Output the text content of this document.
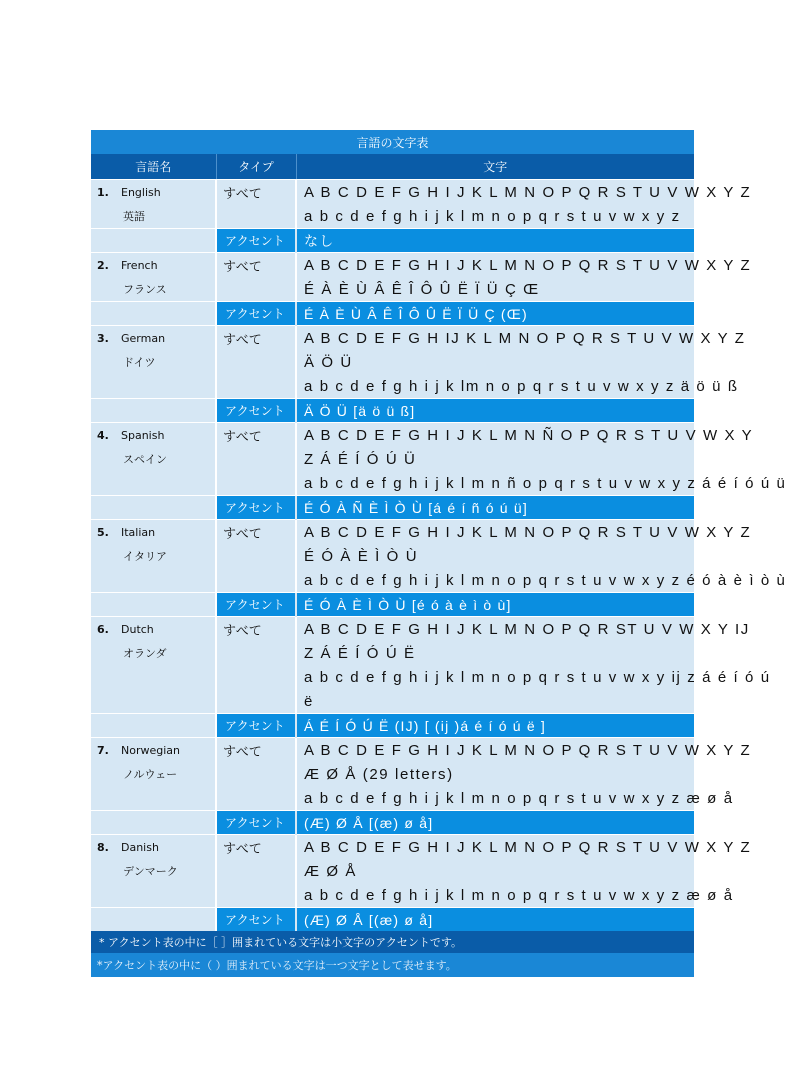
言語の文字表		
言語名	タイプ	文字
1. English	すべて	A B C D E F G H I J K L M N O P Q R S T U V W X Y Z
英語		a b c d e f g h i j k l m n o p q r s t u v w x y z
	アクセント	なし
2. French	すべて	A B C D E F G H I J K L M N O P Q R S T U V W X Y Z
フランス		É À È Ù Â Ê Î Ô Û Ë Ï Ü Ç Œ
	アクセント	É À È Ù Â Ê Î Ô Û Ë Ï Ü Ç (Œ)
3. German	すべて	A B C D E F G H IJ K L M N O P Q R S T U V W X Y Z
ドイツ		Ä Ö Ü
		a b c d e f g h i j k lm n o p q r s t u v w x y z ä ö ü ß
	アクセント	Ä Ö Ü [ä ö ü ß]
4. Spanish	すべて	A B C D E F G H I J K L M N Ñ O P Q R S T U V W X Y
スペイン		Z Á É Í Ó Ú Ü
		a b c d e f g h i j k l m n ñ o p q r s t u v w x y z á é í ó ú ü
	アクセント	É Ó À Ñ È Ì Ò Ù [á é í ñ ó ú ü]
5. Italian	すべて	A B C D E F G H I J K L M N O P Q R S T U V W X Y Z
イタリア		É Ó À È Ì Ò Ù
		a b c d e f g h i j k l m n o p q r s t u v w x y z é ó à è ì ò ù
	アクセント	É Ó À È Ì Ò Ù [é ó à è ì ò ù]
6. Dutch	すべて	A B C D E F G H I J K L M N O P Q R ST U V W X Y IJ
オランダ		Z Á É Í Ó Ú Ë
		a b c d e f g h i j k l m n o p q r s t u v w x y ij z á é í ó ú
		ë
	アクセント	Á É Í Ó Ú Ë (IJ) [ (ij )á é í ó ú ë ]
7. Norwegian	すべて	A B C D E F G H I J K L M N O P Q R S T U V W X Y Z
ノルウェー		Æ Ø Å (29 letters)
		a b c d e f g h i j k l m n o p q r s t u v w x y z æ ø å
	アクセント	(Æ) Ø Å [(æ) ø å]
8. Danish	すべて	A B C D E F G H I J K L M N O P Q R S T U V W X Y Z
デンマーク		Æ Ø Å
		a b c d e f g h i j k l m n o p q r s t u v w x y z æ ø å
	アクセント	(Æ) Ø Å [(æ) ø å]
* アクセント表の中に［ ］囲まれている文字は小文字のアクセントです。		
*アクセント表の中に（ ）囲まれている文字は一つ文字として表せます。		
